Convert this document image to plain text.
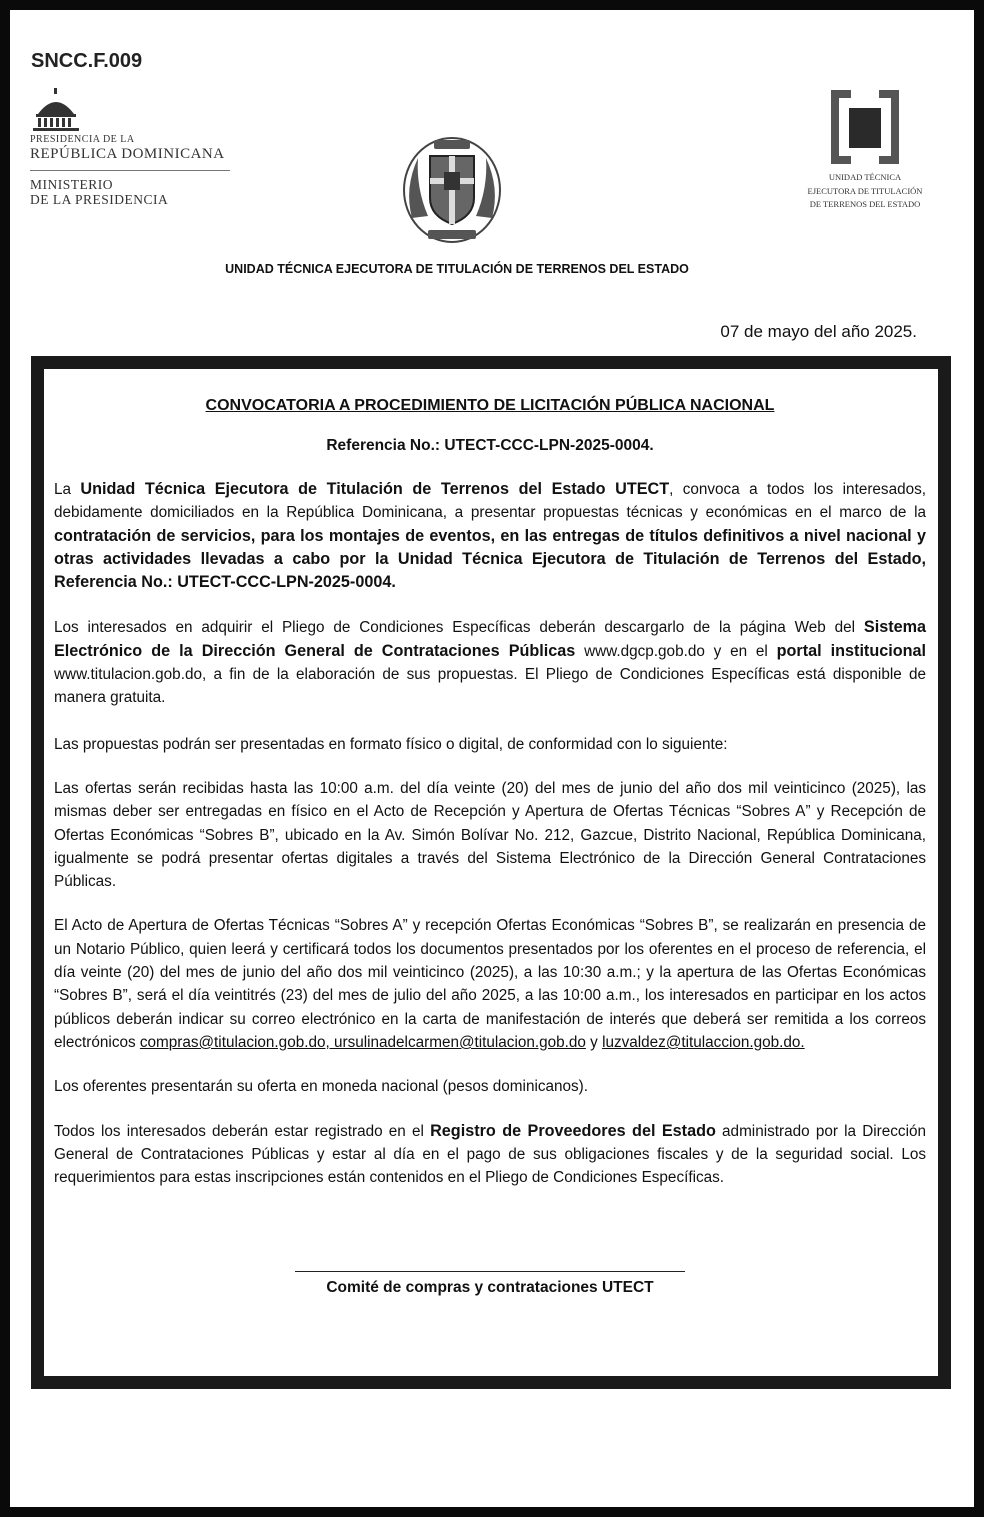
SNCC.F.009
PRESIDENCIA DE LA
REPÚBLICA DOMINICANA
MINISTERIO
DE LA PRESIDENCIA
UNIDAD TÉCNICA
EJECUTORA DE TITULACIÓN
DE TERRENOS DEL ESTADO
UNIDAD TÉCNICA EJECUTORA DE TITULACIÓN DE TERRENOS DEL ESTADO
07 de mayo del año 2025.
CONVOCATORIA A PROCEDIMIENTO DE LICITACIÓN PÚBLICA NACIONAL
Referencia No.: UTECT-CCC-LPN-2025-0004.

La Unidad Técnica Ejecutora de Titulación de Terrenos del Estado UTECT, convoca a todos los interesados, debidamente domiciliados en la República Dominicana, a presentar propuestas técnicas y económicas en el marco de la contratación de servicios, para los montajes de eventos, en las entregas de títulos definitivos a nivel nacional y otras actividades llevadas a cabo por la Unidad Técnica Ejecutora de Titulación de Terrenos del Estado, Referencia No.: UTECT-CCC-LPN-2025-0004.

Los interesados en adquirir el Pliego de Condiciones Específicas deberán descargarlo de la página Web del Sistema Electrónico de la Dirección General de Contrataciones Públicas www.dgcp.gob.do y en el portal institucional www.titulacion.gob.do, a fin de la elaboración de sus propuestas. El Pliego de Condiciones Específicas está disponible de manera gratuita.

Las propuestas podrán ser presentadas en formato físico o digital, de conformidad con lo siguiente:

Las ofertas serán recibidas hasta las 10:00 a.m. del día veinte (20) del mes de junio del año dos mil veinticinco (2025), las mismas deber ser entregadas en físico en el Acto de Recepción y Apertura de Ofertas Técnicas “Sobres A” y Recepción de Ofertas Económicas “Sobres B”, ubicado en la Av. Simón Bolívar No. 212, Gazcue, Distrito Nacional, República Dominicana, igualmente se podrá presentar ofertas digitales a través del Sistema Electrónico de la Dirección General Contrataciones Públicas.

El Acto de Apertura de Ofertas Técnicas “Sobres A” y recepción Ofertas Económicas “Sobres B”, se realizarán en presencia de un Notario Público, quien leerá y certificará todos los documentos presentados por los oferentes en el proceso de referencia, el día veinte (20) del mes de junio del año dos mil veinticinco (2025), a las 10:30 a.m.; y la apertura de las Ofertas Económicas “Sobres B”, será el día veintitrés (23) del mes de julio del año 2025, a las 10:00 a.m., los interesados en participar en los actos públicos deberán indicar su correo electrónico en la carta de manifestación de interés que deberá ser remitida a los correos electrónicos compras@titulacion.gob.do, ursulinadelcarmen@titulacion.gob.do y luzvaldez@titulaccion.gob.do.

Los oferentes presentarán su oferta en moneda nacional (pesos dominicanos).

Todos los interesados deberán estar registrado en el Registro de Proveedores del Estado administrado por la Dirección General de Contrataciones Públicas y estar al día en el pago de sus obligaciones fiscales y de la seguridad social. Los requerimientos para estas inscripciones están contenidos en el Pliego de Condiciones Específicas.

Comité de compras y contrataciones UTECT
